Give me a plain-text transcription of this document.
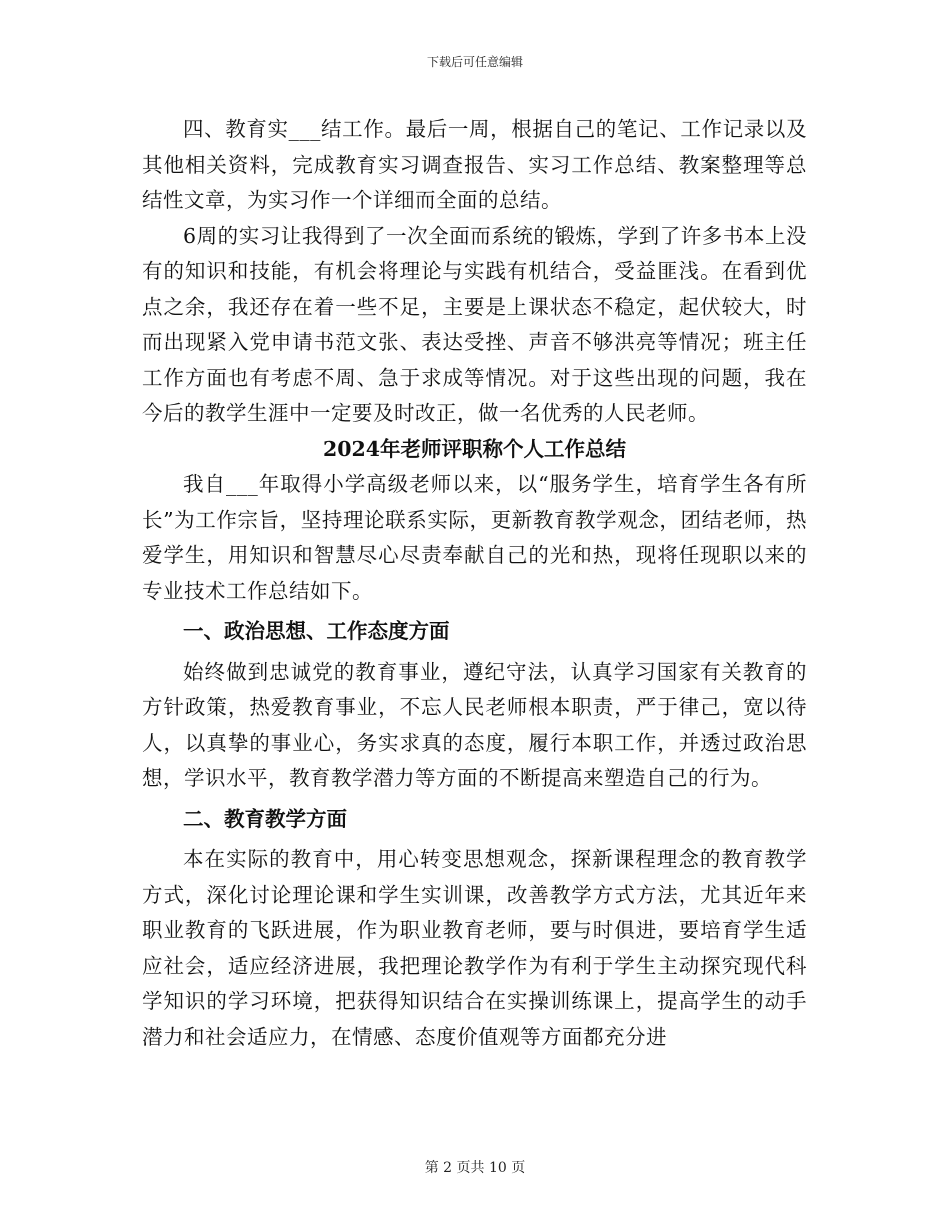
下载后可任意编辑

四、教育实___结工作。最后一周，根据自己的笔记、工作记录以及其他相关资料，完成教育实习调查报告、实习工作总结、教案整理等总结性文章，为实习作一个详细而全面的总结。

6周的实习让我得到了一次全面而系统的锻炼，学到了许多书本上没有的知识和技能，有机会将理论与实践有机结合，受益匪浅。在看到优点之余，我还存在着一些不足，主要是上课状态不稳定，起伏较大，时而出现紧入党申请书范文张、表达受挫、声音不够洪亮等情况；班主任工作方面也有考虑不周、急于求成等情况。对于这些出现的问题，我在今后的教学生涯中一定要及时改正，做一名优秀的人民老师。

2024年老师评职称个人工作总结

我自___年取得小学高级老师以来，以“服务学生，培育学生各有所长”为工作宗旨，坚持理论联系实际，更新教育教学观念，团结老师，热爱学生，用知识和智慧尽心尽责奉献自己的光和热，现将任现职以来的专业技术工作总结如下。

一、政治思想、工作态度方面

始终做到忠诚党的教育事业，遵纪守法，认真学习国家有关教育的方针政策，热爱教育事业，不忘人民老师根本职责，严于律己，宽以待人，以真挚的事业心，务实求真的态度，履行本职工作，并透过政治思想，学识水平，教育教学潜力等方面的不断提高来塑造自己的行为。

二、教育教学方面

本在实际的教育中，用心转变思想观念，探新课程理念的教育教学方式，深化讨论理论课和学生实训课，改善教学方式方法，尤其近年来职业教育的飞跃进展，作为职业教育老师，要与时俱进，要培育学生适应社会，适应经济进展，我把理论教学作为有利于学生主动探究现代科学知识的学习环境，把获得知识结合在实操训练课上，提高学生的动手潜力和社会适应力，在情感、态度价值观等方面都充分进

第 2 页共 10 页
